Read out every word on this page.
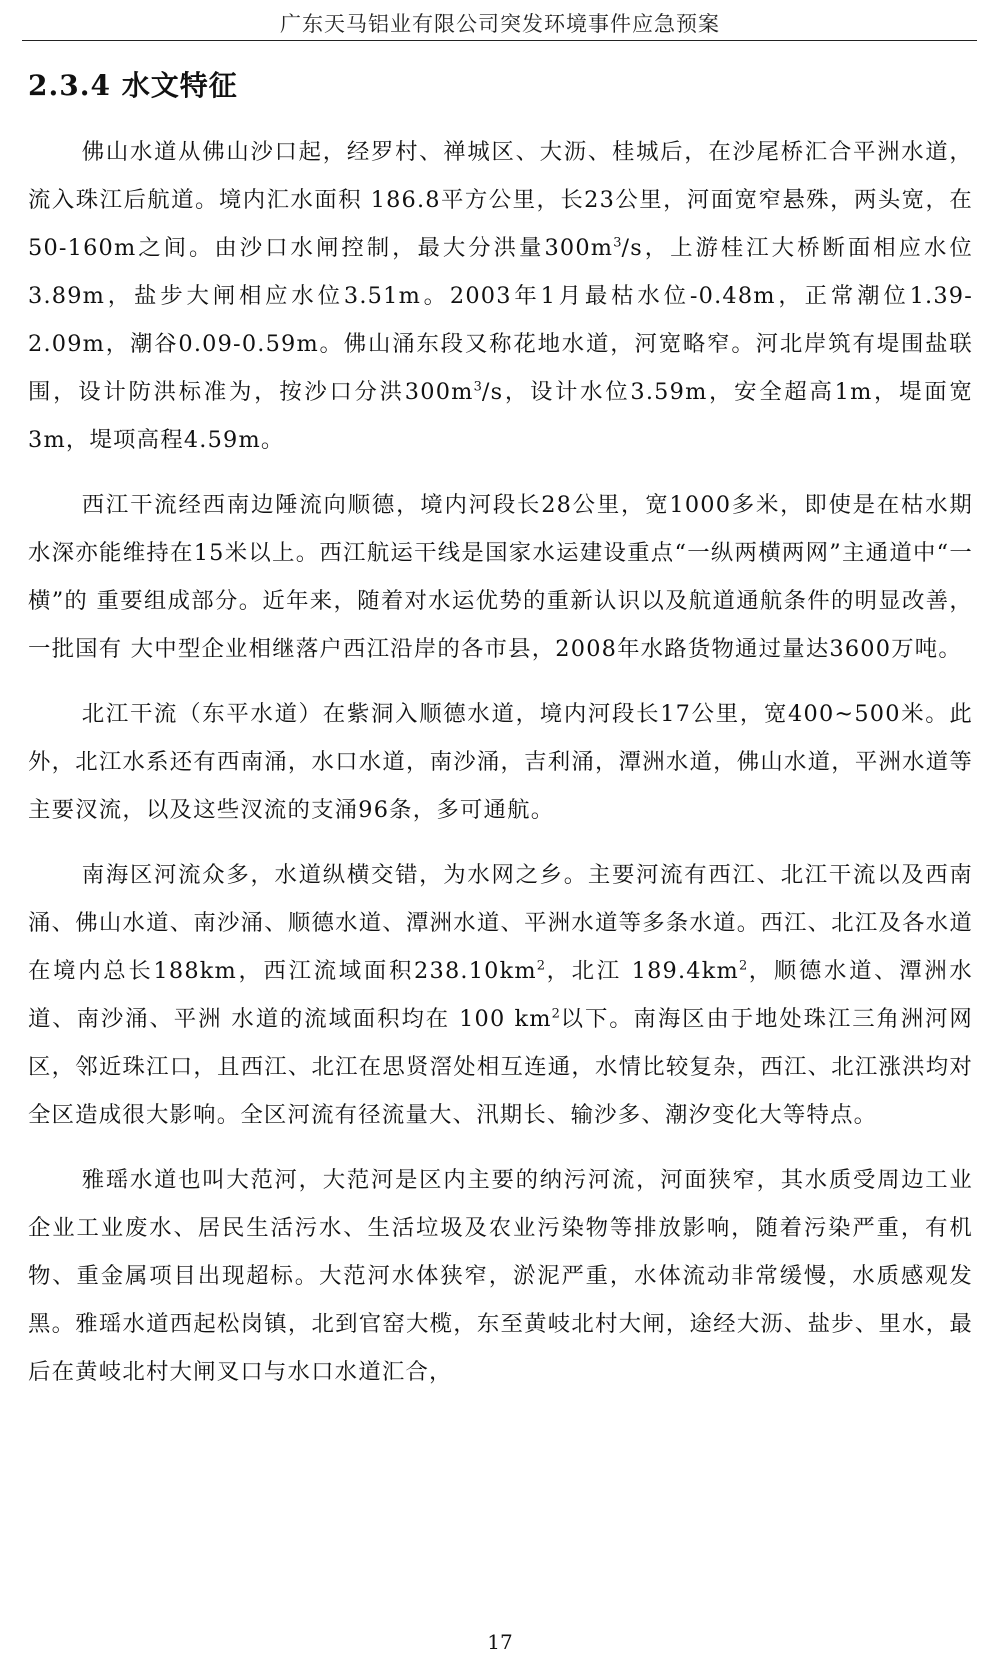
广东天马铝业有限公司突发环境事件应急预案
2.3.4 水文特征

佛山水道从佛山沙口起，经罗村、禅城区、大沥、桂城后，在沙尾桥汇合平洲水道，流入珠江后航道。境内汇水面积 186.8平方公里，长23公里，河面宽窄悬殊，两头宽，在50-160m之间。由沙口水闸控制，最大分洪量$300m^3/s$，上游桂江大桥断面相应水位3.89m，盐步大闸相应水位3.51m。2003年1月最枯水位-0.48m，正常潮位1.39-2.09m，潮谷0.09-0.59m。佛山涌东段又称花地水道，河宽略窄。河北岸筑有堤围盐联围，设计防洪标准为，按沙口分洪$300m^3/s$，设计水位3.59m，安全超高1m，堤面宽3m，堤项高程4.59m。

西江干流经西南边陲流向顺德，境内河段长28公里，宽1000多米，即使是在枯水期水深亦能维持在15米以上。西江航运干线是国家水运建设重点“一纵两横两网”主通道中“一横”的 重要组成部分。近年来，随着对水运优势的重新认识以及航道通航条件的明显改善，一批国有 大中型企业相继落户西江沿岸的各市县，2008年水路货物通过量达3600万吨。

北江干流（东平水道）在紫洞入顺德水道，境内河段长17公里，宽400~500米。此外，北江水系还有西南涌，水口水道，南沙涌，吉利涌，潭洲水道，佛山水道，平洲水道等主要汊流，以及这些汊流的支涌96条，多可通航。

南海区河流众多，水道纵横交错，为水网之乡。主要河流有西江、北江干流以及西南涌、佛山水道、南沙涌、顺德水道、潭洲水道、平洲水道等多条水道。西江、北江及各水道在境内总长188km，西江流域面积$238.10km^2$，北江 $189.4km^2$，顺德水道、潭洲水道、南沙涌、平洲 水道的流域面积均在 100 $km^2$以下。南海区由于地处珠江三角洲河网区，邻近珠江口，且西江、北江在思贤滘处相互连通，水情比较复杂，西江、北江涨洪均对全区造成很大影响。全区河流有径流量大、汛期长、输沙多、潮汐变化大等特点。

雅瑶水道也叫大范河，大范河是区内主要的纳污河流，河面狭窄，其水质受周边工业企业工业废水、居民生活污水、生活垃圾及农业污染物等排放影响，随着污染严重，有机物、重金属项目出现超标。大范河水体狭窄，淤泥严重，水体流动非常缓慢，水质感观发黑。雅瑶水道西起松岗镇，北到官窑大榄，东至黄岐北村大闸，途经大沥、盐步、里水，最后在黄岐北村大闸叉口与水口水道汇合，

17
